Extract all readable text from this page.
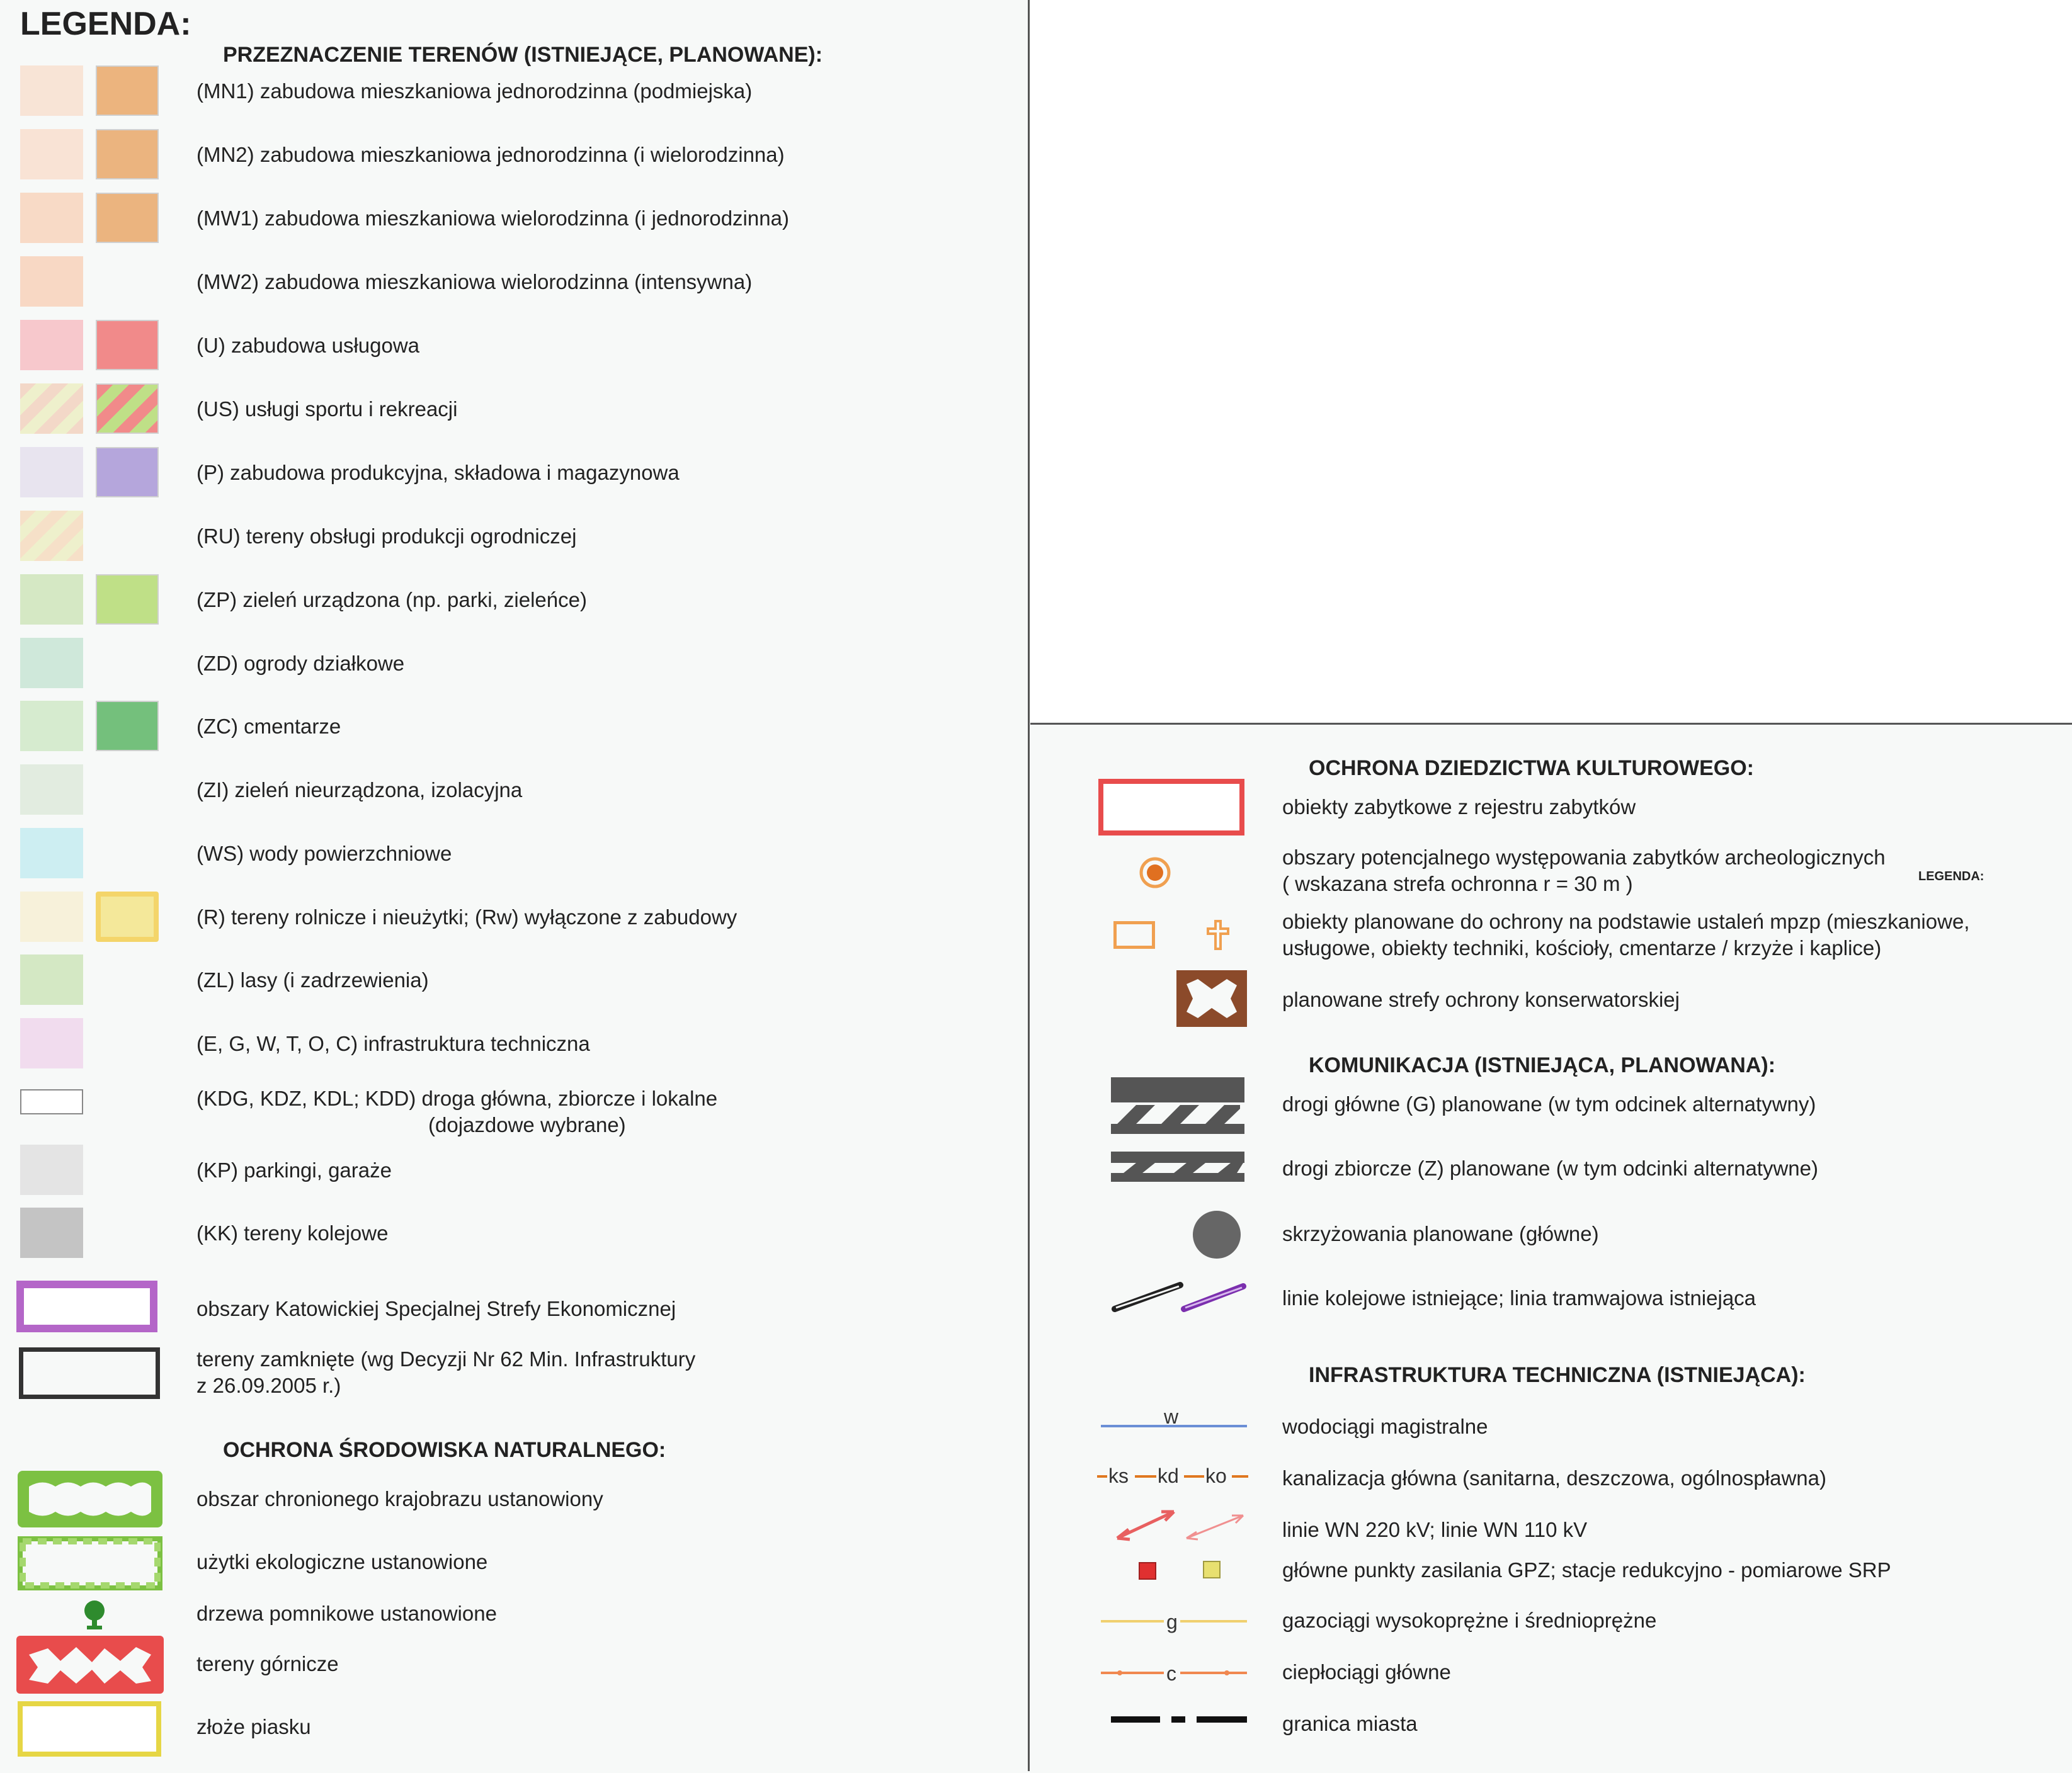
LEGENDA:
PRZEZNACZENIE TERENÓW (ISTNIEJĄCE, PLANOWANE):
(MN1) zabudowa mieszkaniowa jednorodzinna (podmiejska)
(MN2) zabudowa mieszkaniowa jednorodzinna (i wielorodzinna)
(MW1) zabudowa mieszkaniowa wielorodzinna (i jednorodzinna)
(MW2) zabudowa mieszkaniowa wielorodzinna (intensywna)
(U) zabudowa usługowa
(US) usługi sportu i rekreacji
(P) zabudowa produkcyjna, składowa i magazynowa
(RU) tereny obsługi produkcji ogrodniczej
(ZP) zieleń urządzona (np. parki, zieleńce)
(ZD) ogrody działkowe
(ZC) cmentarze
(ZI) zieleń nieurządzona, izolacyjna
(WS) wody powierzchniowe
(R) tereny rolnicze i nieużytki; (Rw) wyłączone z zabudowy
(ZL) lasy (i zadrzewienia)
(E, G, W, T, O, C) infrastruktura techniczna
(KDG, KDZ, KDL; KDD) droga główna, zbiorcze i lokalne
(dojazdowe wybrane)
(KP) parkingi, garaże
(KK) tereny kolejowe
obszary Katowickiej Specjalnej Strefy Ekonomicznej
tereny zamknięte (wg Decyzji Nr 62 Min. Infrastruktury
z 26.09.2005 r.)
OCHRONA ŚRODOWISKA NATURALNEGO:
obszar chronionego krajobrazu ustanowiony
użytki ekologiczne ustanowione
drzewa pomnikowe ustanowione
tereny górnicze
złoże piasku
OCHRONA DZIEDZICTWA KULTUROWEGO:
obiekty zabytkowe z rejestru zabytków
obszary potencjalnego występowania zabytków archeologicznych
( wskazana strefa ochronna r = 30 m )	LEGENDA:
obiekty planowane do ochrony na podstawie ustaleń mpzp (mieszkaniowe,
usługowe, obiekty techniki, kościoły, cmentarze / krzyże i kaplice)
planowane strefy ochrony konserwatorskiej
KOMUNIKACJA (ISTNIEJĄCA, PLANOWANA):
drogi główne (G) planowane (w tym odcinek alternatywny)
drogi zbiorcze (Z) planowane (w tym odcinki alternatywne)
skrzyżowania planowane (główne)
linie kolejowe istniejące; linia tramwajowa istniejąca
INFRASTRUKTURA TECHNICZNA (ISTNIEJĄCA):
w	wodociągi magistralne
ks kd ko	kanalizacja główna (sanitarna, deszczowa, ogólnospławna)
linie WN 220 kV; linie WN 110 kV
główne punkty zasilania GPZ; stacje redukcyjno - pomiarowe SRP
g	gazociągi wysokoprężne i średnioprężne
c	ciepłociągi główne
granica miasta
